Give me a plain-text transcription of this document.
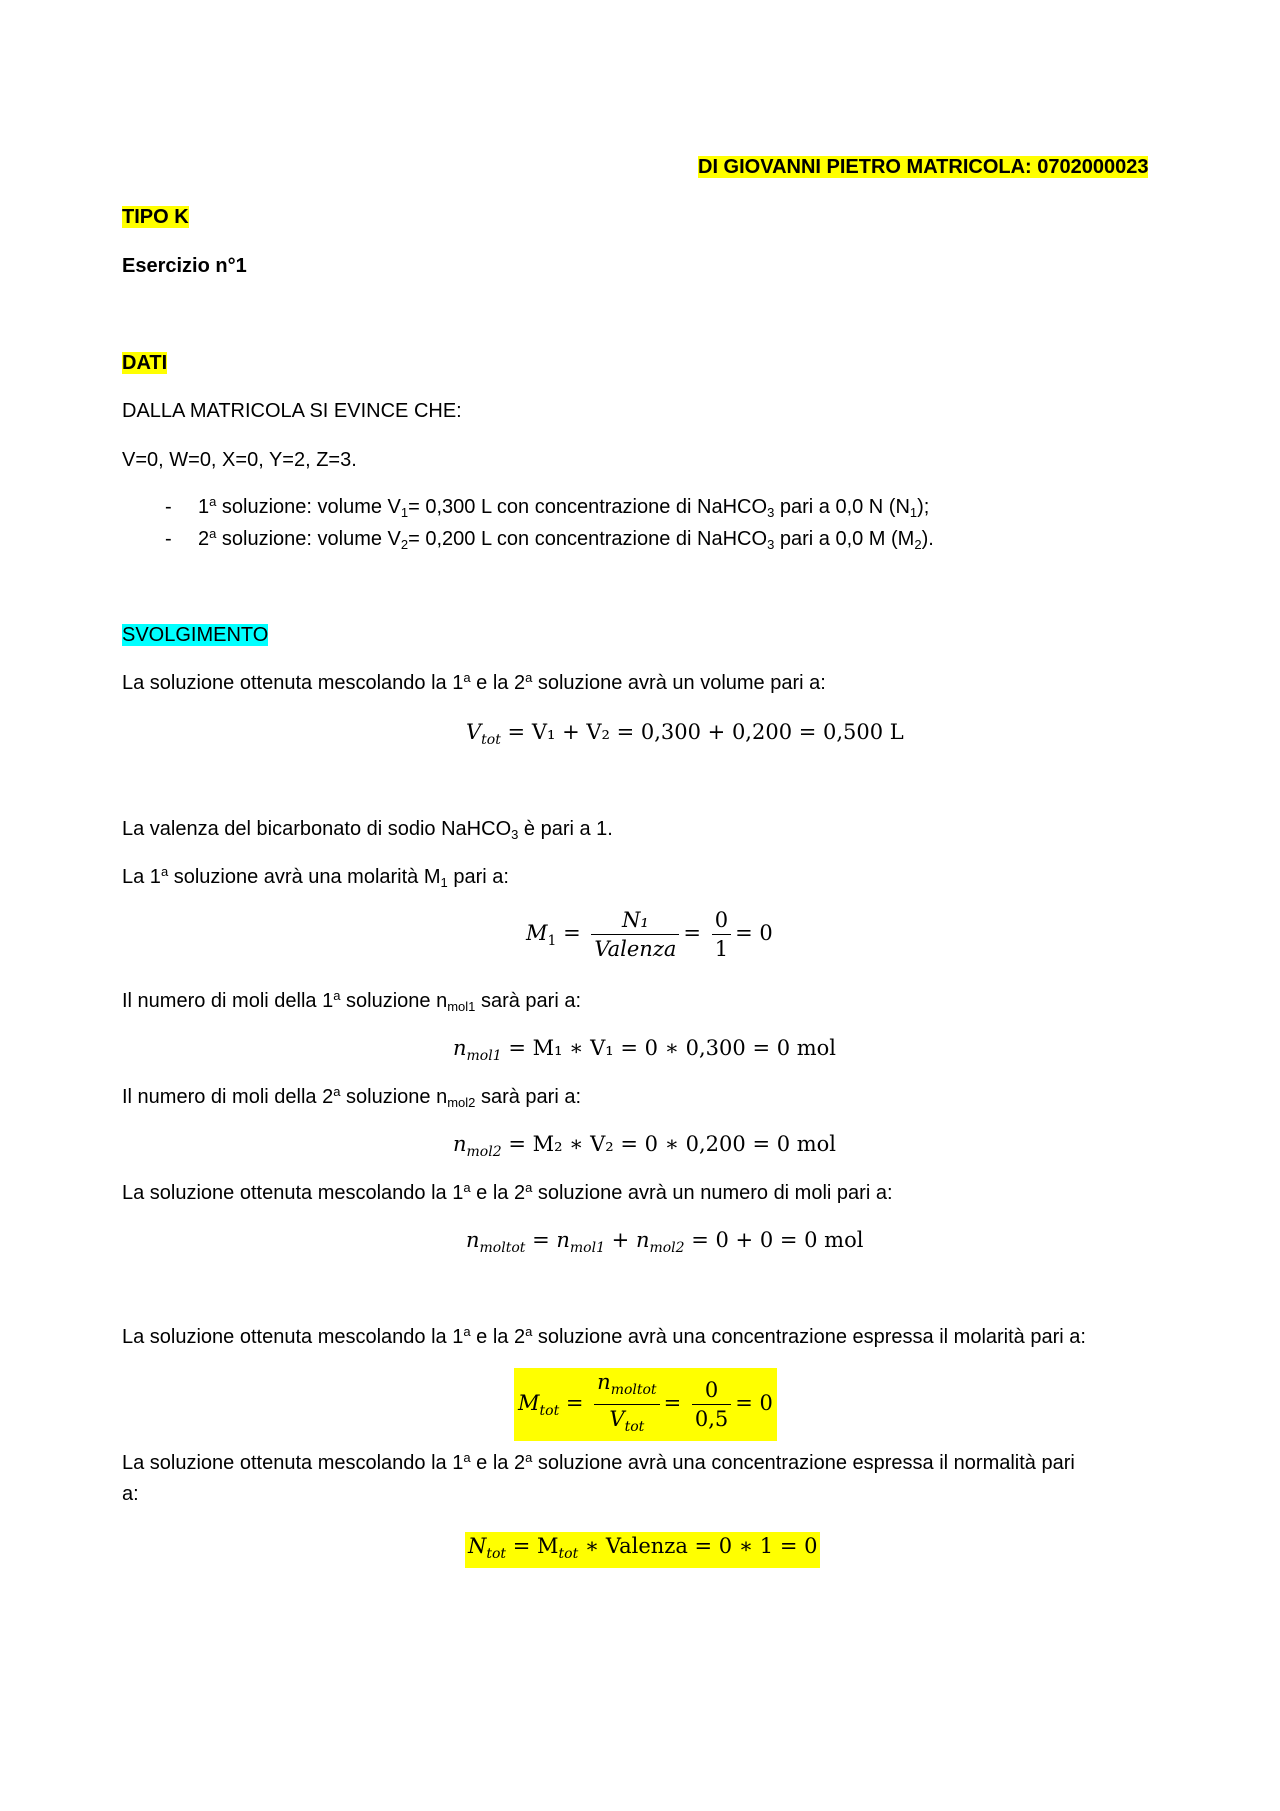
DI GIOVANNI PIETRO MATRICOLA: 0702000023
TIPO K
Esercizio n°1
DATI
DALLA MATRICOLA SI EVINCE CHE:
V=0, W=0, X=0, Y=2, Z=3.
- 1$^a$ soluzione: volume $V_1= 0,300$ L con concentrazione di NaHCO$_3$ pari a 0,0 N $(N_1)$;
- 2$^a$ soluzione: volume $V_2= 0,200$ L con concentrazione di NaHCO$_3$ pari a 0,0 M $(M_2)$.
SVOLGIMENTO
La soluzione ottenuta mescolando la 1$^a$ e la 2$^a$ soluzione avrà un volume pari a:
$V_{tot} = V_1 + V_2 = 0,300 + 0,200 = 0,500$ L
La valenza del bicarbonato di sodio NaHCO$_3$ è pari a 1.
La 1$^a$ soluzione avrà una molarità $M_1$ pari a:
$M_1 = \frac{\text{N₁}}{\text{Valenza}} = \frac{0}{1} = 0$
Il numero di moli della 1$^a$ soluzione $n_{mol1}$ sarà pari a:
$n_{mol1} = M_1$ ∗ V₁ = 0 ∗ 0,300 = 0 mol
Il numero di moli della 2$^a$ soluzione $n_{mol2}$ sarà pari a:
$n_{mol2} = M_2$ ∗ V₂ = 0 ∗ 0,200 = 0 mol
La soluzione ottenuta mescolando la 1$^a$ e la 2$^a$ soluzione avrà un numero di moli pari a:
$n_{moltot} = n_{mol1} + n_{mol2} = 0 + 0 = 0$ mol
La soluzione ottenuta mescolando la 1$^a$ e la 2$^a$ soluzione avrà una concentrazione espressa il molarità pari a:
$M_{tot} = \frac{n_{moltot}}{V_{tot}} = \frac{0}{0,5} = 0$
La soluzione ottenuta mescolando la 1$^a$ e la 2$^a$ soluzione avrà una concentrazione espressa il normalità pari
a:
$N_{tot} = M_{tot}$ ∗ Valenza = 0 ∗ 1 = 0
